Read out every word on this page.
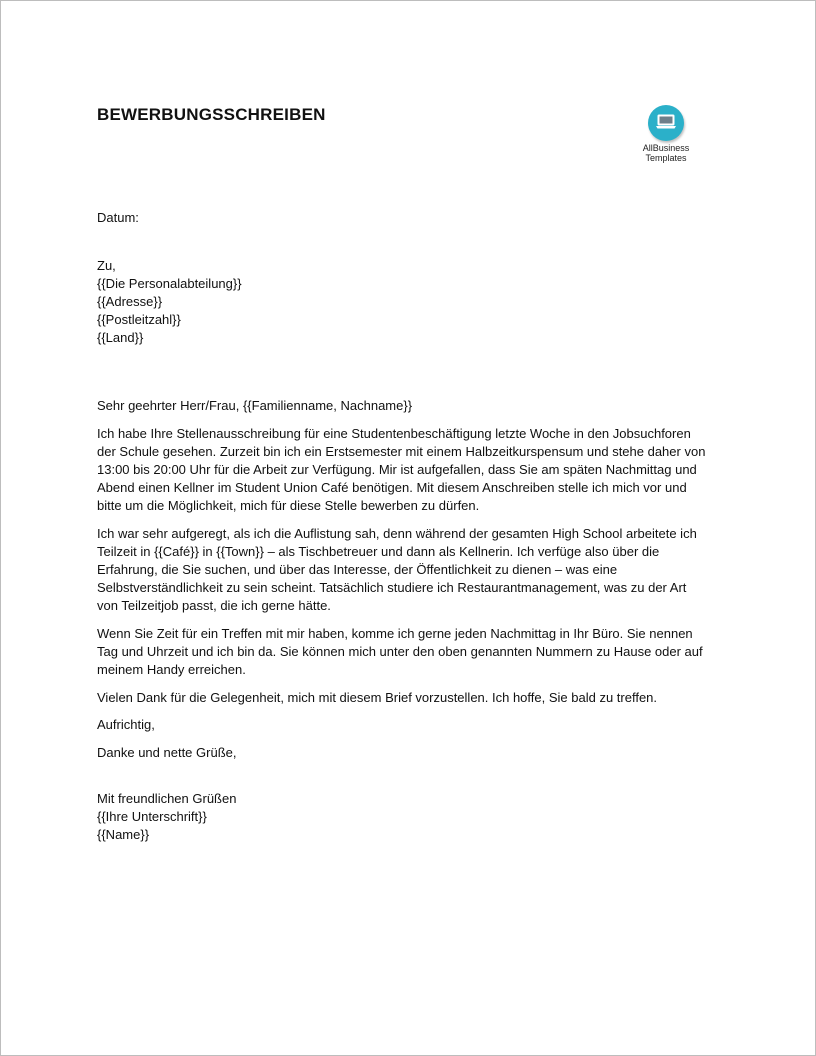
BEWERBUNGSSCHREIBEN
AllBusiness
Templates

Datum:

Zu,
{{Die Personalabteilung}}
{{Adresse}}
{{Postleitzahl}}
{{Land}}

Sehr geehrter Herr/Frau, {{Familienname, Nachname}}

Ich habe Ihre Stellenausschreibung für eine Studentenbeschäftigung letzte Woche in den Jobsuchforen
der Schule gesehen. Zurzeit bin ich ein Erstsemester mit einem Halbzeitkurspensum und stehe daher von
13:00 bis 20:00 Uhr für die Arbeit zur Verfügung. Mir ist aufgefallen, dass Sie am späten Nachmittag und
Abend einen Kellner im Student Union Café benötigen. Mit diesem Anschreiben stelle ich mich vor und
bitte um die Möglichkeit, mich für diese Stelle bewerben zu dürfen.
Ich war sehr aufgeregt, als ich die Auflistung sah, denn während der gesamten High School arbeitete ich
Teilzeit in {{Café}} in {{Town}} – als Tischbetreuer und dann als Kellnerin. Ich verfüge also über die
Erfahrung, die Sie suchen, und über das Interesse, der Öffentlichkeit zu dienen – was eine
Selbstverständlichkeit zu sein scheint. Tatsächlich studiere ich Restaurantmanagement, was zu der Art
von Teilzeitjob passt, die ich gerne hätte.
Wenn Sie Zeit für ein Treffen mit mir haben, komme ich gerne jeden Nachmittag in Ihr Büro. Sie nennen
Tag und Uhrzeit und ich bin da. Sie können mich unter den oben genannten Nummern zu Hause oder auf
meinem Handy erreichen.
Vielen Dank für die Gelegenheit, mich mit diesem Brief vorzustellen. Ich hoffe, Sie bald zu treffen.

Aufrichtig,

Danke und nette Grüße,

Mit freundlichen Grüßen
{{Ihre Unterschrift}}
{{Name}}
